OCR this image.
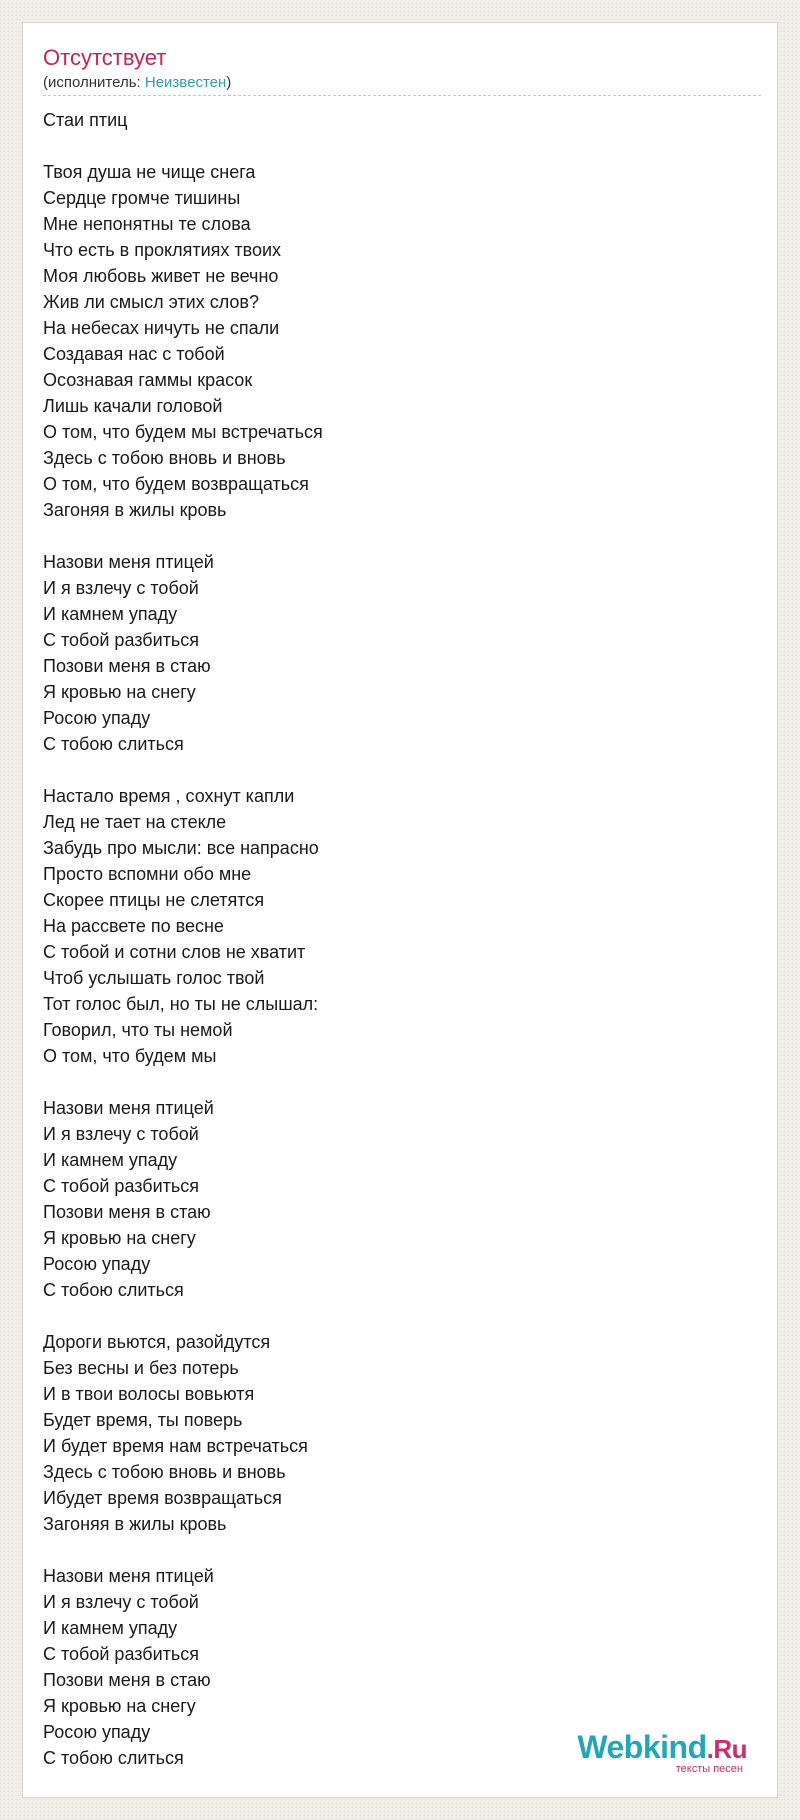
Отсутствует
(исполнитель: Неизвестен)
Стаи птиц

Твоя душа не чище снега
Сердце громче тишины
Мне непонятны те слова
Что есть в проклятиях твоих
Моя любовь живет не вечно
Жив ли смысл этих слов?
На небесах ничуть не спали
Создавая нас с тобой
Осознавая гаммы красок
Лишь качали головой
О том, что будем мы встречаться
Здесь с тобою вновь и вновь
О том, что будем возвращаться
Загоняя в жилы кровь

Назови меня птицей
И я взлечу с тобой
И камнем упаду
С тобой разбиться
Позови меня в стаю
Я кровью на снегу
Росою упаду
С тобою слиться

Настало время , сохнут капли
Лед не тает на стекле
Забудь про мысли: все напрасно
Просто вспомни обо мне
Скорее птицы не слетятся
На рассвете по весне
С тобой и сотни слов не хватит
Чтоб услышать голос твой
Тот голос был, но ты не слышал:
Говорил, что ты немой
О том, что будем мы

Назови меня птицей
И я взлечу с тобой
И камнем упаду
С тобой разбиться
Позови меня в стаю
Я кровью на снегу
Росою упаду
С тобою слиться

Дороги вьются, разойдутся
Без весны и без потерь
И в твои волосы вовьютя
Будет время, ты поверь
И будет время нам встречаться
Здесь с тобою вновь и вновь
Ибудет время возвращаться
Загоняя в жилы кровь

Назови меня птицей
И я взлечу с тобой
И камнем упаду
С тобой разбиться
Позови меня в стаю
Я кровью на снегу
Росою упаду
С тобою слиться	Webkind.Ru
тексты песен
